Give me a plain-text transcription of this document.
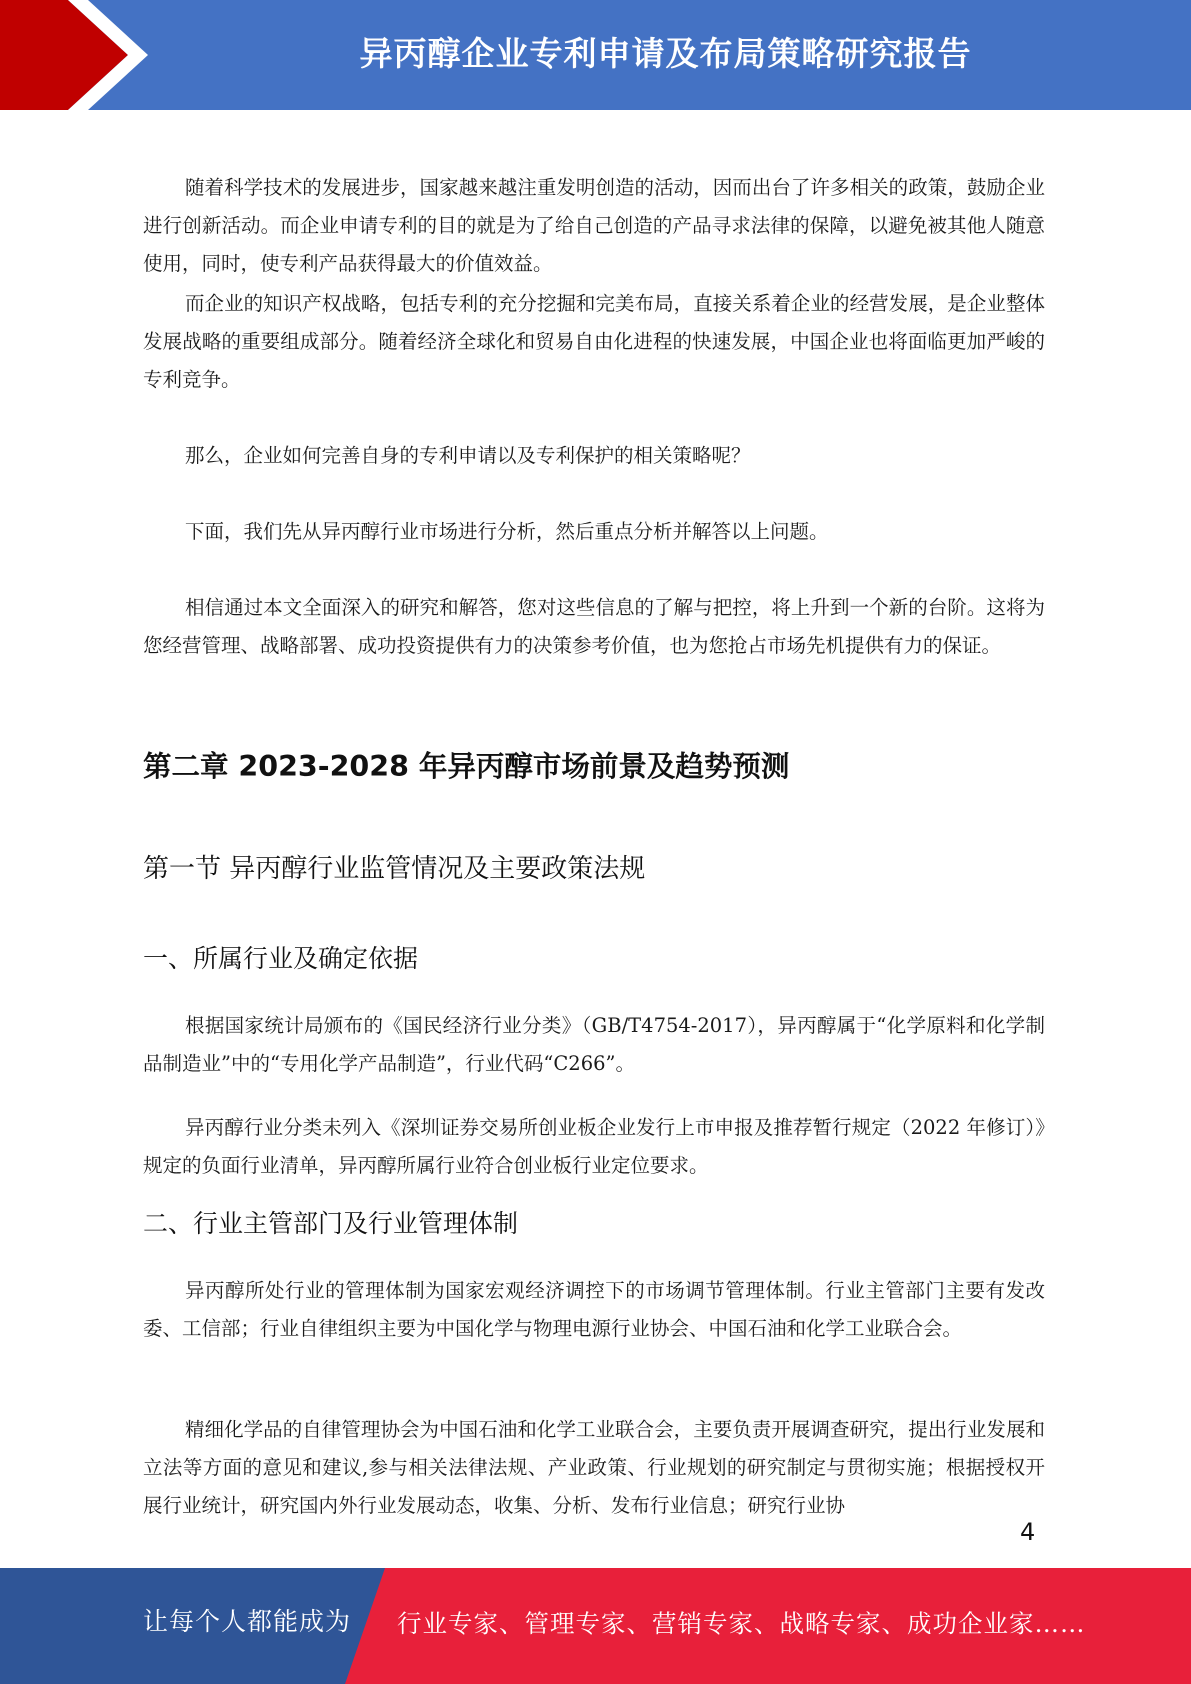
异丙醇企业专利申请及布局策略研究报告

随着科学技术的发展进步，国家越来越注重发明创造的活动，因而出台了许多相关的政策，鼓励企业进行创新活动。而企业申请专利的目的就是为了给自己创造的产品寻求法律的保障，以避免被其他人随意使用，同时，使专利产品获得最大的价值效益。

而企业的知识产权战略，包括专利的充分挖掘和完美布局，直接关系着企业的经营发展，是企业整体发展战略的重要组成部分。随着经济全球化和贸易自由化进程的快速发展，中国企业也将面临更加严峻的专利竞争。

那么，企业如何完善自身的专利申请以及专利保护的相关策略呢？

下面，我们先从异丙醇行业市场进行分析，然后重点分析并解答以上问题。

相信通过本文全面深入的研究和解答，您对这些信息的了解与把控，将上升到一个新的台阶。这将为您经营管理、战略部署、成功投资提供有力的决策参考价值，也为您抢占市场先机提供有力的保证。

第二章 2023-2028 年异丙醇市场前景及趋势预测
第一节 异丙醇行业监管情况及主要政策法规
一、所属行业及确定依据

根据国家统计局颁布的《国民经济行业分类》（GB/T4754-2017），异丙醇属于“化学原料和化学制品制造业”中的“专用化学产品制造”，行业代码“C266”。

异丙醇行业分类未列入《深圳证券交易所创业板企业发行上市申报及推荐暂行规定（2022 年修订）》规定的负面行业清单，异丙醇所属行业符合创业板行业定位要求。

二、行业主管部门及行业管理体制

异丙醇所处行业的管理体制为国家宏观经济调控下的市场调节管理体制。行业主管部门主要有发改委、工信部；行业自律组织主要为中国化学与物理电源行业协会、中国石油和化学工业联合会。

精细化学品的自律管理协会为中国石油和化学工业联合会，主要负责开展调查研究，提出行业发展和立法等方面的意见和建议,参与相关法律法规、产业政策、行业规划的研究制定与贯彻实施；根据授权开展行业统计，研究国内外行业发展动态，收集、分析、发布行业信息；研究行业协

4
让每个人都能成为 行业专家、管理专家、营销专家、战略专家、成功企业家……
